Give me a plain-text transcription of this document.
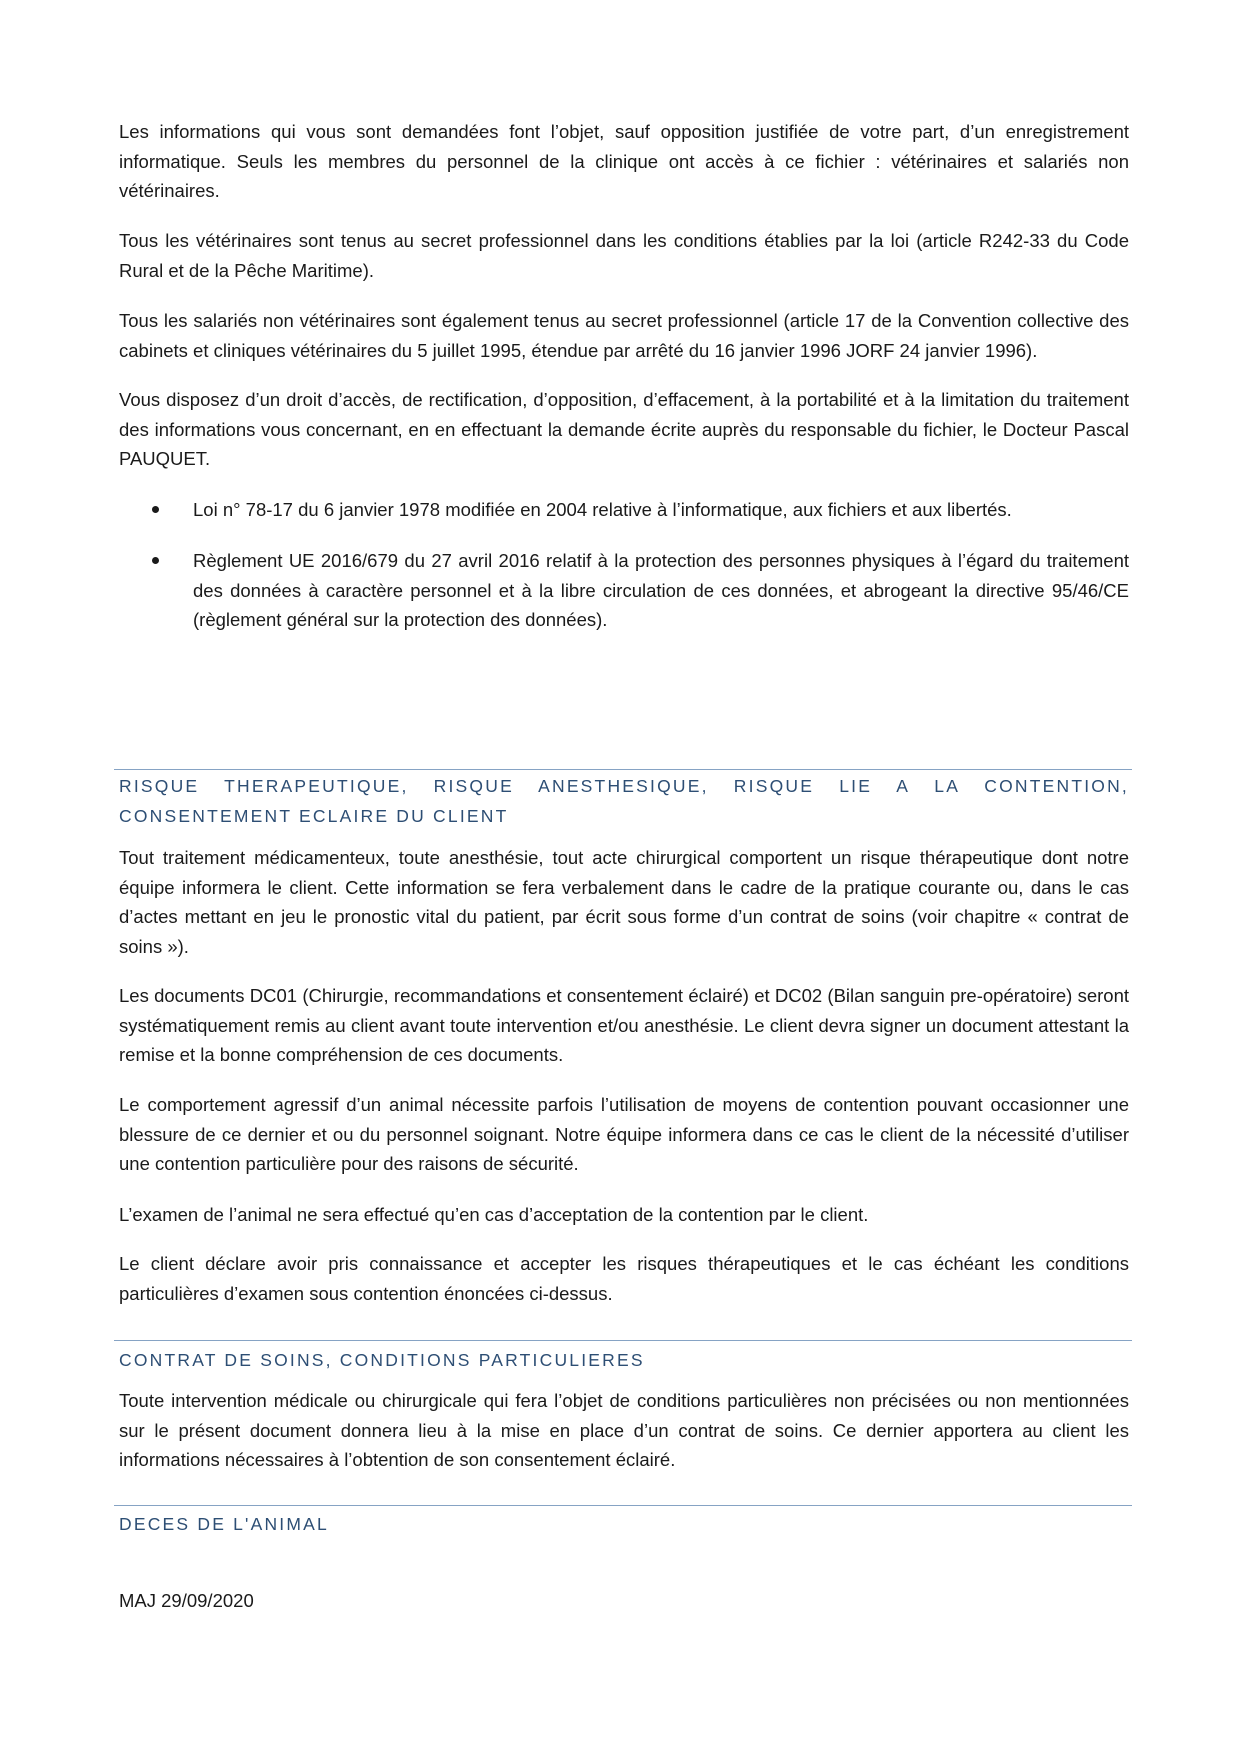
Les informations qui vous sont demandées font l’objet, sauf opposition justifiée de votre part, d’un enregistrement informatique. Seuls les membres du personnel de la clinique ont accès à ce fichier : vétérinaires et salariés non vétérinaires.

Tous les vétérinaires sont tenus au secret professionnel dans les conditions établies par la loi (article R242-33 du Code Rural et de la Pêche Maritime).

Tous les salariés non vétérinaires sont également tenus au secret professionnel (article 17 de la Convention collective des cabinets et cliniques vétérinaires du 5 juillet 1995, étendue par arrêté du 16 janvier 1996 JORF 24 janvier 1996).

Vous disposez d’un droit d’accès, de rectification, d’opposition, d’effacement, à la portabilité et à la limitation du traitement des informations vous concernant, en en effectuant la demande écrite auprès du responsable du fichier, le Docteur Pascal PAUQUET.

Loi n° 78-17 du 6 janvier 1978 modifiée en 2004 relative à l’informatique, aux fichiers et aux libertés.
Règlement UE 2016/679 du 27 avril 2016 relatif à la protection des personnes physiques à l’égard du traitement des données à caractère personnel et à la libre circulation de ces données, et abrogeant la directive 95/46/CE (règlement général sur la protection des données).

RISQUE THERAPEUTIQUE, RISQUE ANESTHESIQUE, RISQUE LIE A LA CONTENTION, CONSENTEMENT ECLAIRE DU CLIENT

Tout traitement médicamenteux, toute anesthésie, tout acte chirurgical comportent un risque thérapeutique dont notre équipe informera le client. Cette information se fera verbalement dans le cadre de la pratique courante ou, dans le cas d’actes mettant en jeu le pronostic vital du patient, par écrit sous forme d’un contrat de soins (voir chapitre « contrat de soins »).

Les documents DC01 (Chirurgie, recommandations et consentement éclairé) et DC02 (Bilan sanguin pre-opératoire) seront systématiquement remis au client avant toute intervention et/ou anesthésie. Le client devra signer un document attestant la remise et la bonne compréhension de ces documents.

Le comportement agressif d’un animal nécessite parfois l’utilisation de moyens de contention pouvant occasionner une blessure de ce dernier et ou du personnel soignant. Notre équipe informera dans ce cas le client de la nécessité d’utiliser une contention particulière pour des raisons de sécurité.

L’examen de l’animal ne sera effectué qu’en cas d’acceptation de la contention par le client.

Le client déclare avoir pris connaissance et accepter les risques thérapeutiques et le cas échéant les conditions particulières d’examen sous contention énoncées ci-dessus.

CONTRAT DE SOINS, CONDITIONS PARTICULIERES

Toute intervention médicale ou chirurgicale qui fera l’objet de conditions particulières non précisées ou non mentionnées sur le présent document donnera lieu à la mise en place d’un contrat de soins. Ce dernier apportera au client les informations nécessaires à l’obtention de son consentement éclairé.

DECES DE L'ANIMAL

MAJ 29/09/2020
